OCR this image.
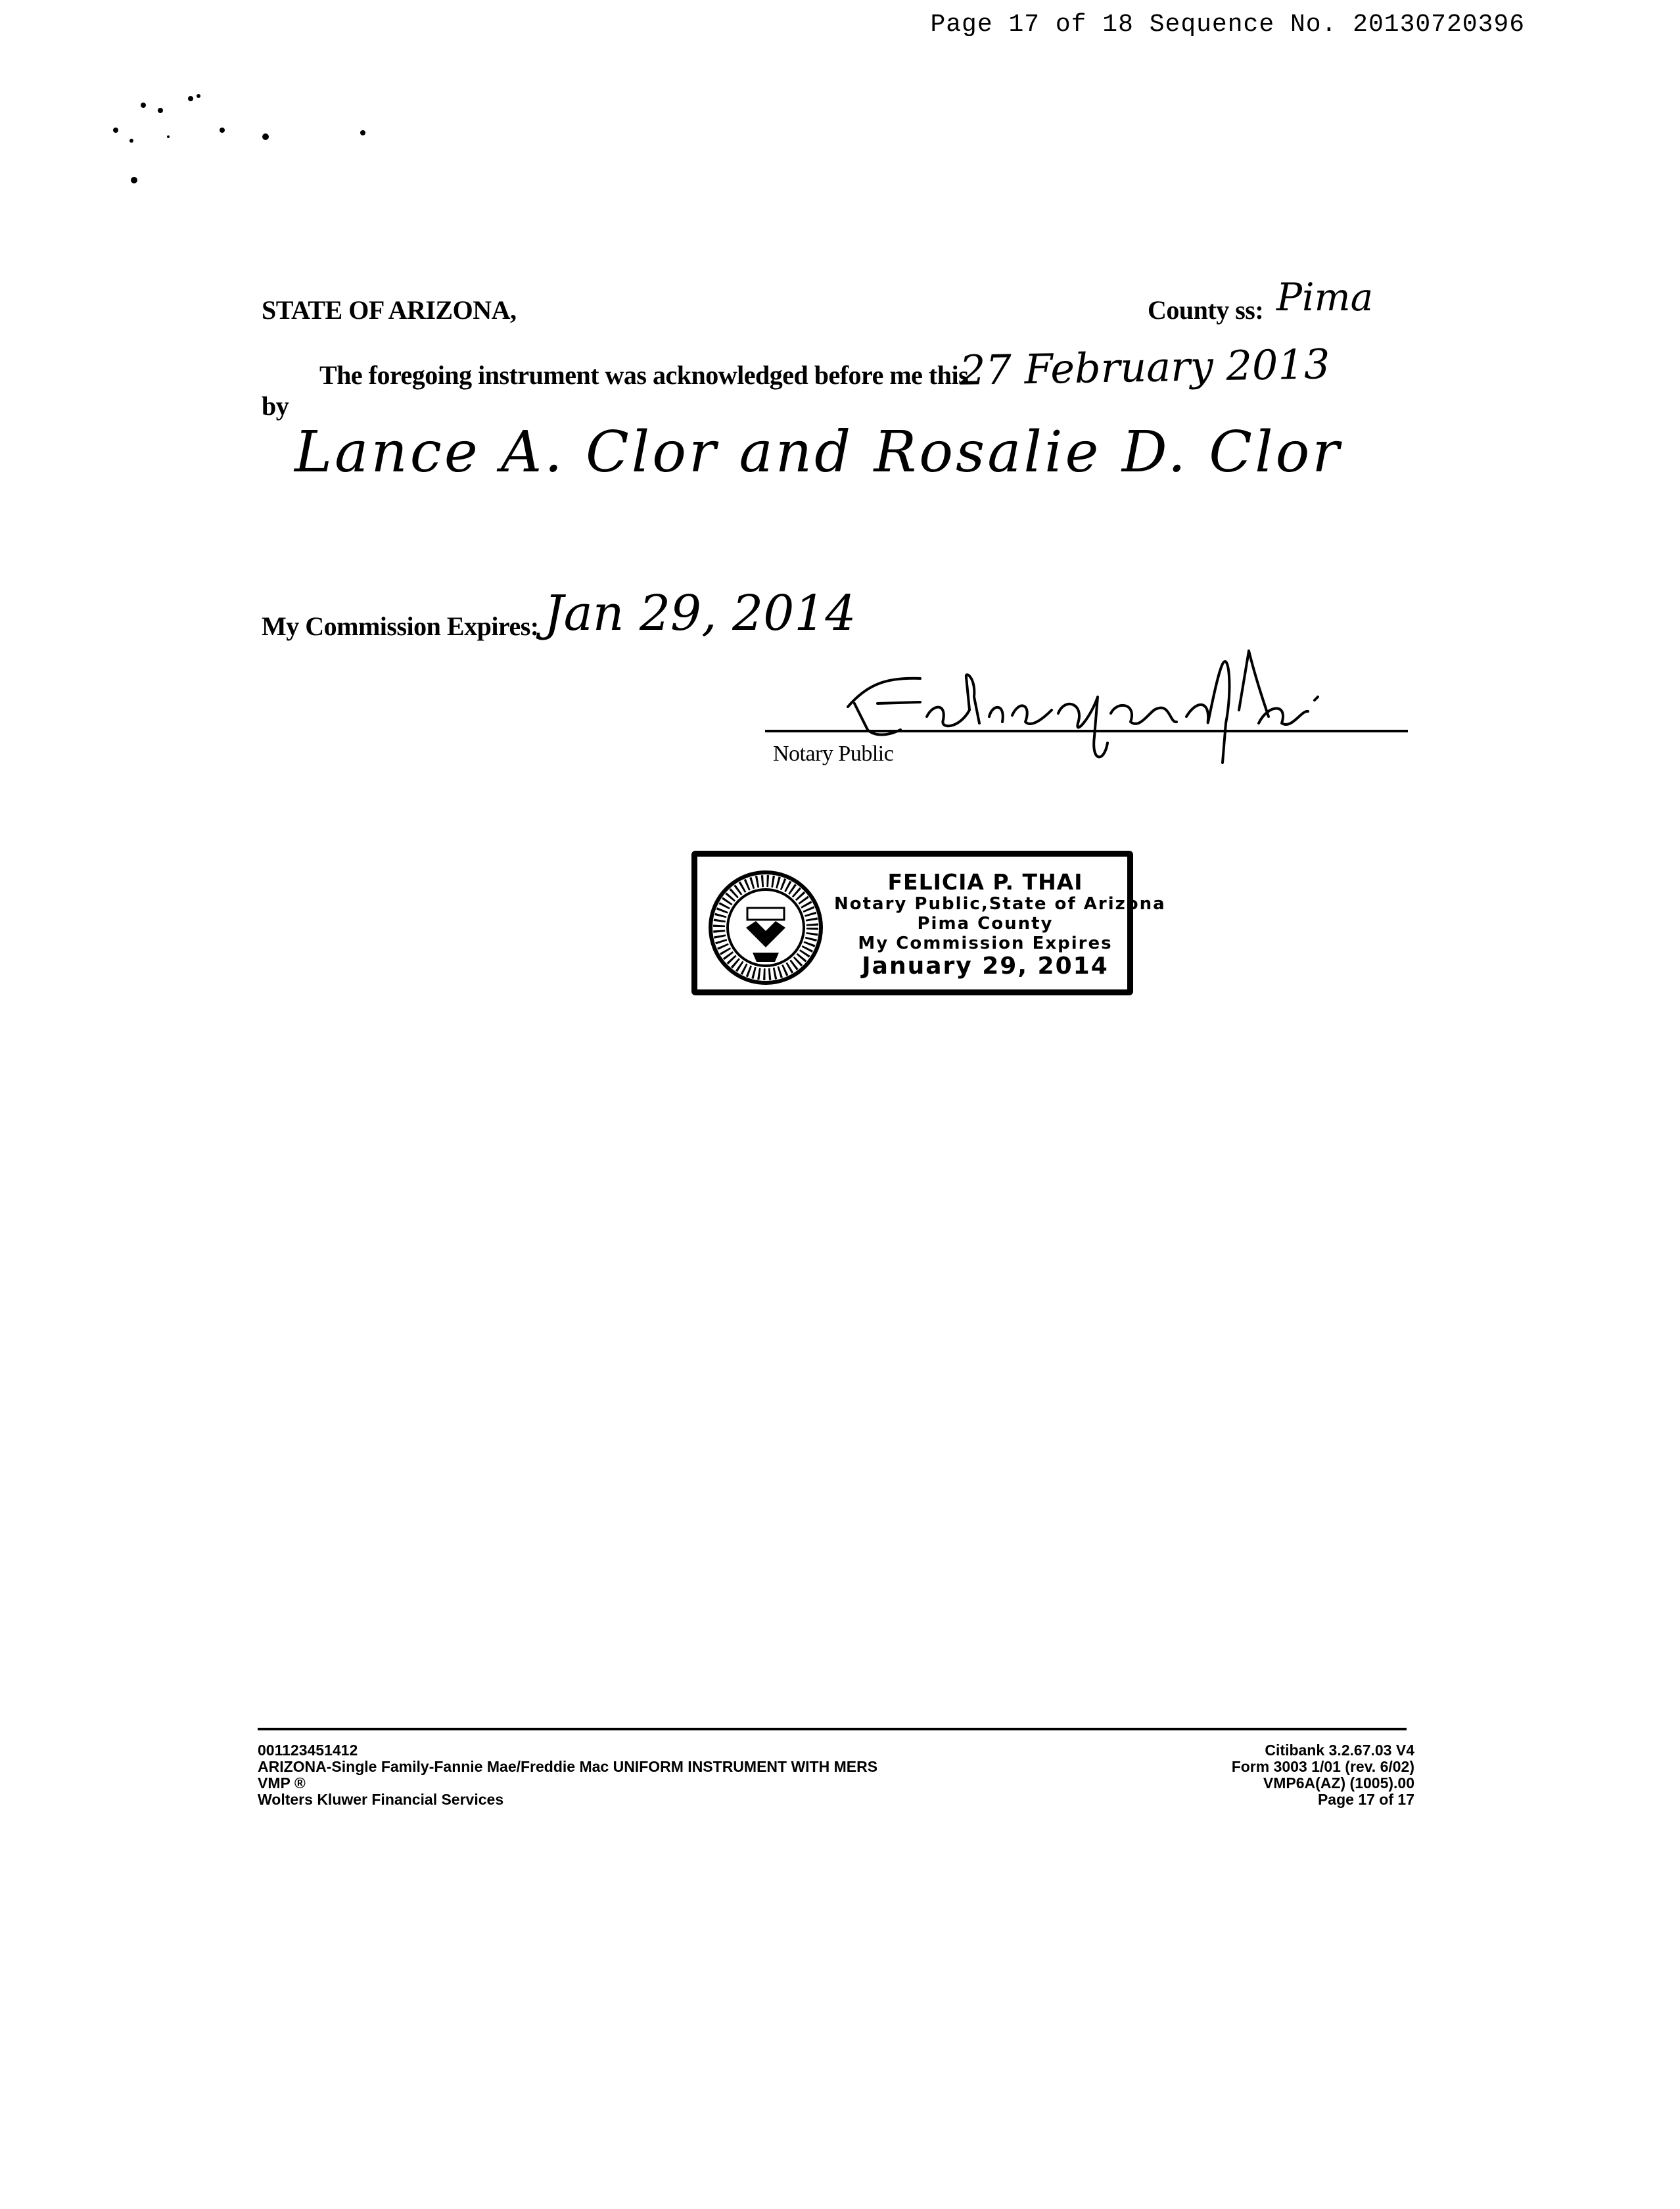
Page 17 of 18 Sequence No. 20130720396
STATE OF ARIZONA,	County ss: Pima
The foregoing instrument was acknowledged before me this
27 February 2013
by
Lance A. Clor and Rosalie D. Clor
My Commission Expires: Jan 29, 2014
Notary Public
FELICIA P. THAI
Notary Public,State of Arizona
Pima County
My Commission Expires
January 29, 2014
001123451412
ARIZONA-Single Family-Fannie Mae/Freddie Mac UNIFORM INSTRUMENT WITH MERS
VMP ®
Wolters Kluwer Financial Services
Citibank 3.2.67.03 V4
Form 3003 1/01 (rev. 6/02)
VMP6A(AZ) (1005).00
Page 17 of 17
